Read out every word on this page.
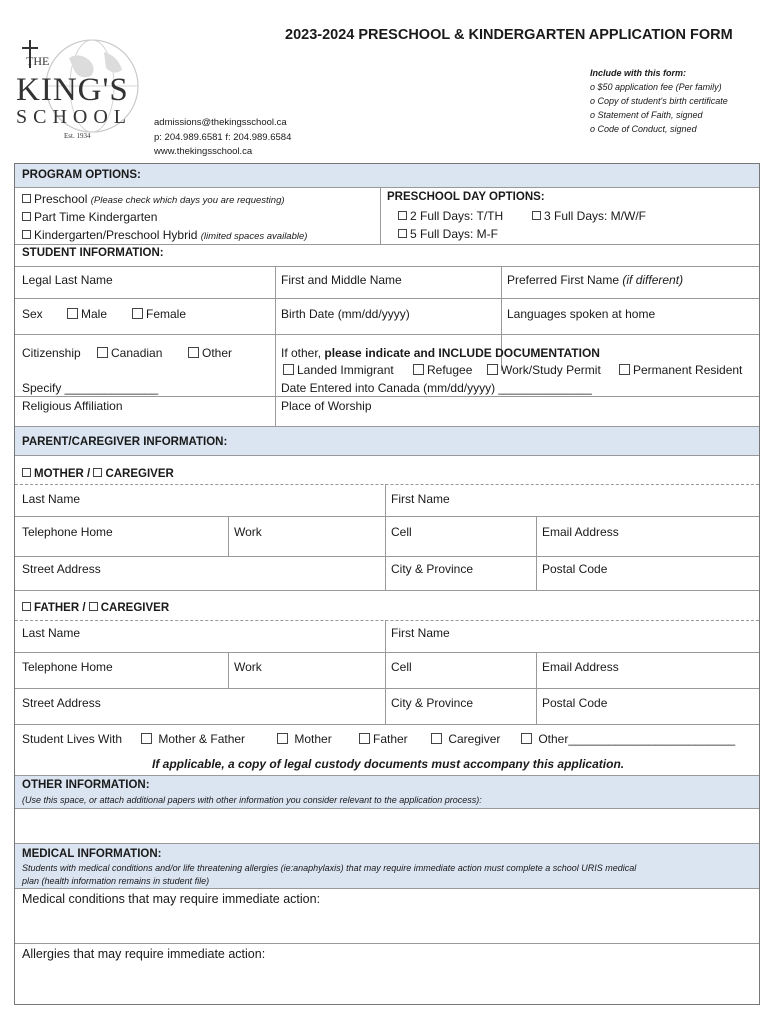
2023-2024 PRESCHOOL & KINDERGARTEN APPLICATION FORM
THE
KING'S
SCHOOL
Est. 1934
admissions@thekingsschool.ca
p: 204.989.6581 f: 204.989.6584
www.thekingsschool.ca
Include with this form:
o $50 application fee (Per family)
o Copy of student's birth certificate
o Statement of Faith, signed
o Code of Conduct, signed
PROGRAM OPTIONS:
Preschool (Please check which days you are requesting)
Part Time Kindergarten
Kindergarten/Preschool Hybrid (limited spaces available)
PRESCHOOL DAY OPTIONS:
2 Full Days: T/TH	3 Full Days: M/W/F
5 Full Days: M-F
STUDENT INFORMATION:
Legal Last Name	First and Middle Name	Preferred First Name (if different)
Sex	Male	Female	Birth Date (mm/dd/yyyy)	Languages spoken at home
Citizenship	Canadian	Other	If other, please indicate and INCLUDE DOCUMENTATION
Landed Immigrant	Refugee	Work/Study Permit	Permanent Resident
Specify ______________	Date Entered into Canada (mm/dd/yyyy) ______________
Religious Affiliation	Place of Worship
PARENT/CAREGIVER INFORMATION:
MOTHER / CAREGIVER
Last Name	First Name
Telephone Home	Work	Cell	Email Address
Street Address	City & Province	Postal Code
FATHER / CAREGIVER
Last Name	First Name
Telephone Home	Work	Cell	Email Address
Street Address	City & Province	Postal Code
Student Lives With	Mother & Father	Mother	Father	Caregiver	Other_________________________
If applicable, a copy of legal custody documents must accompany this application.
OTHER INFORMATION:
(Use this space, or attach additional papers with other information you consider relevant to the application process):
MEDICAL INFORMATION:
Students with medical conditions and/or life threatening allergies (ie:anaphylaxis) that may require immediate action must complete a school URIS medical
plan (health information remains in student file)
Medical conditions that may require immediate action:
Allergies that may require immediate action:
